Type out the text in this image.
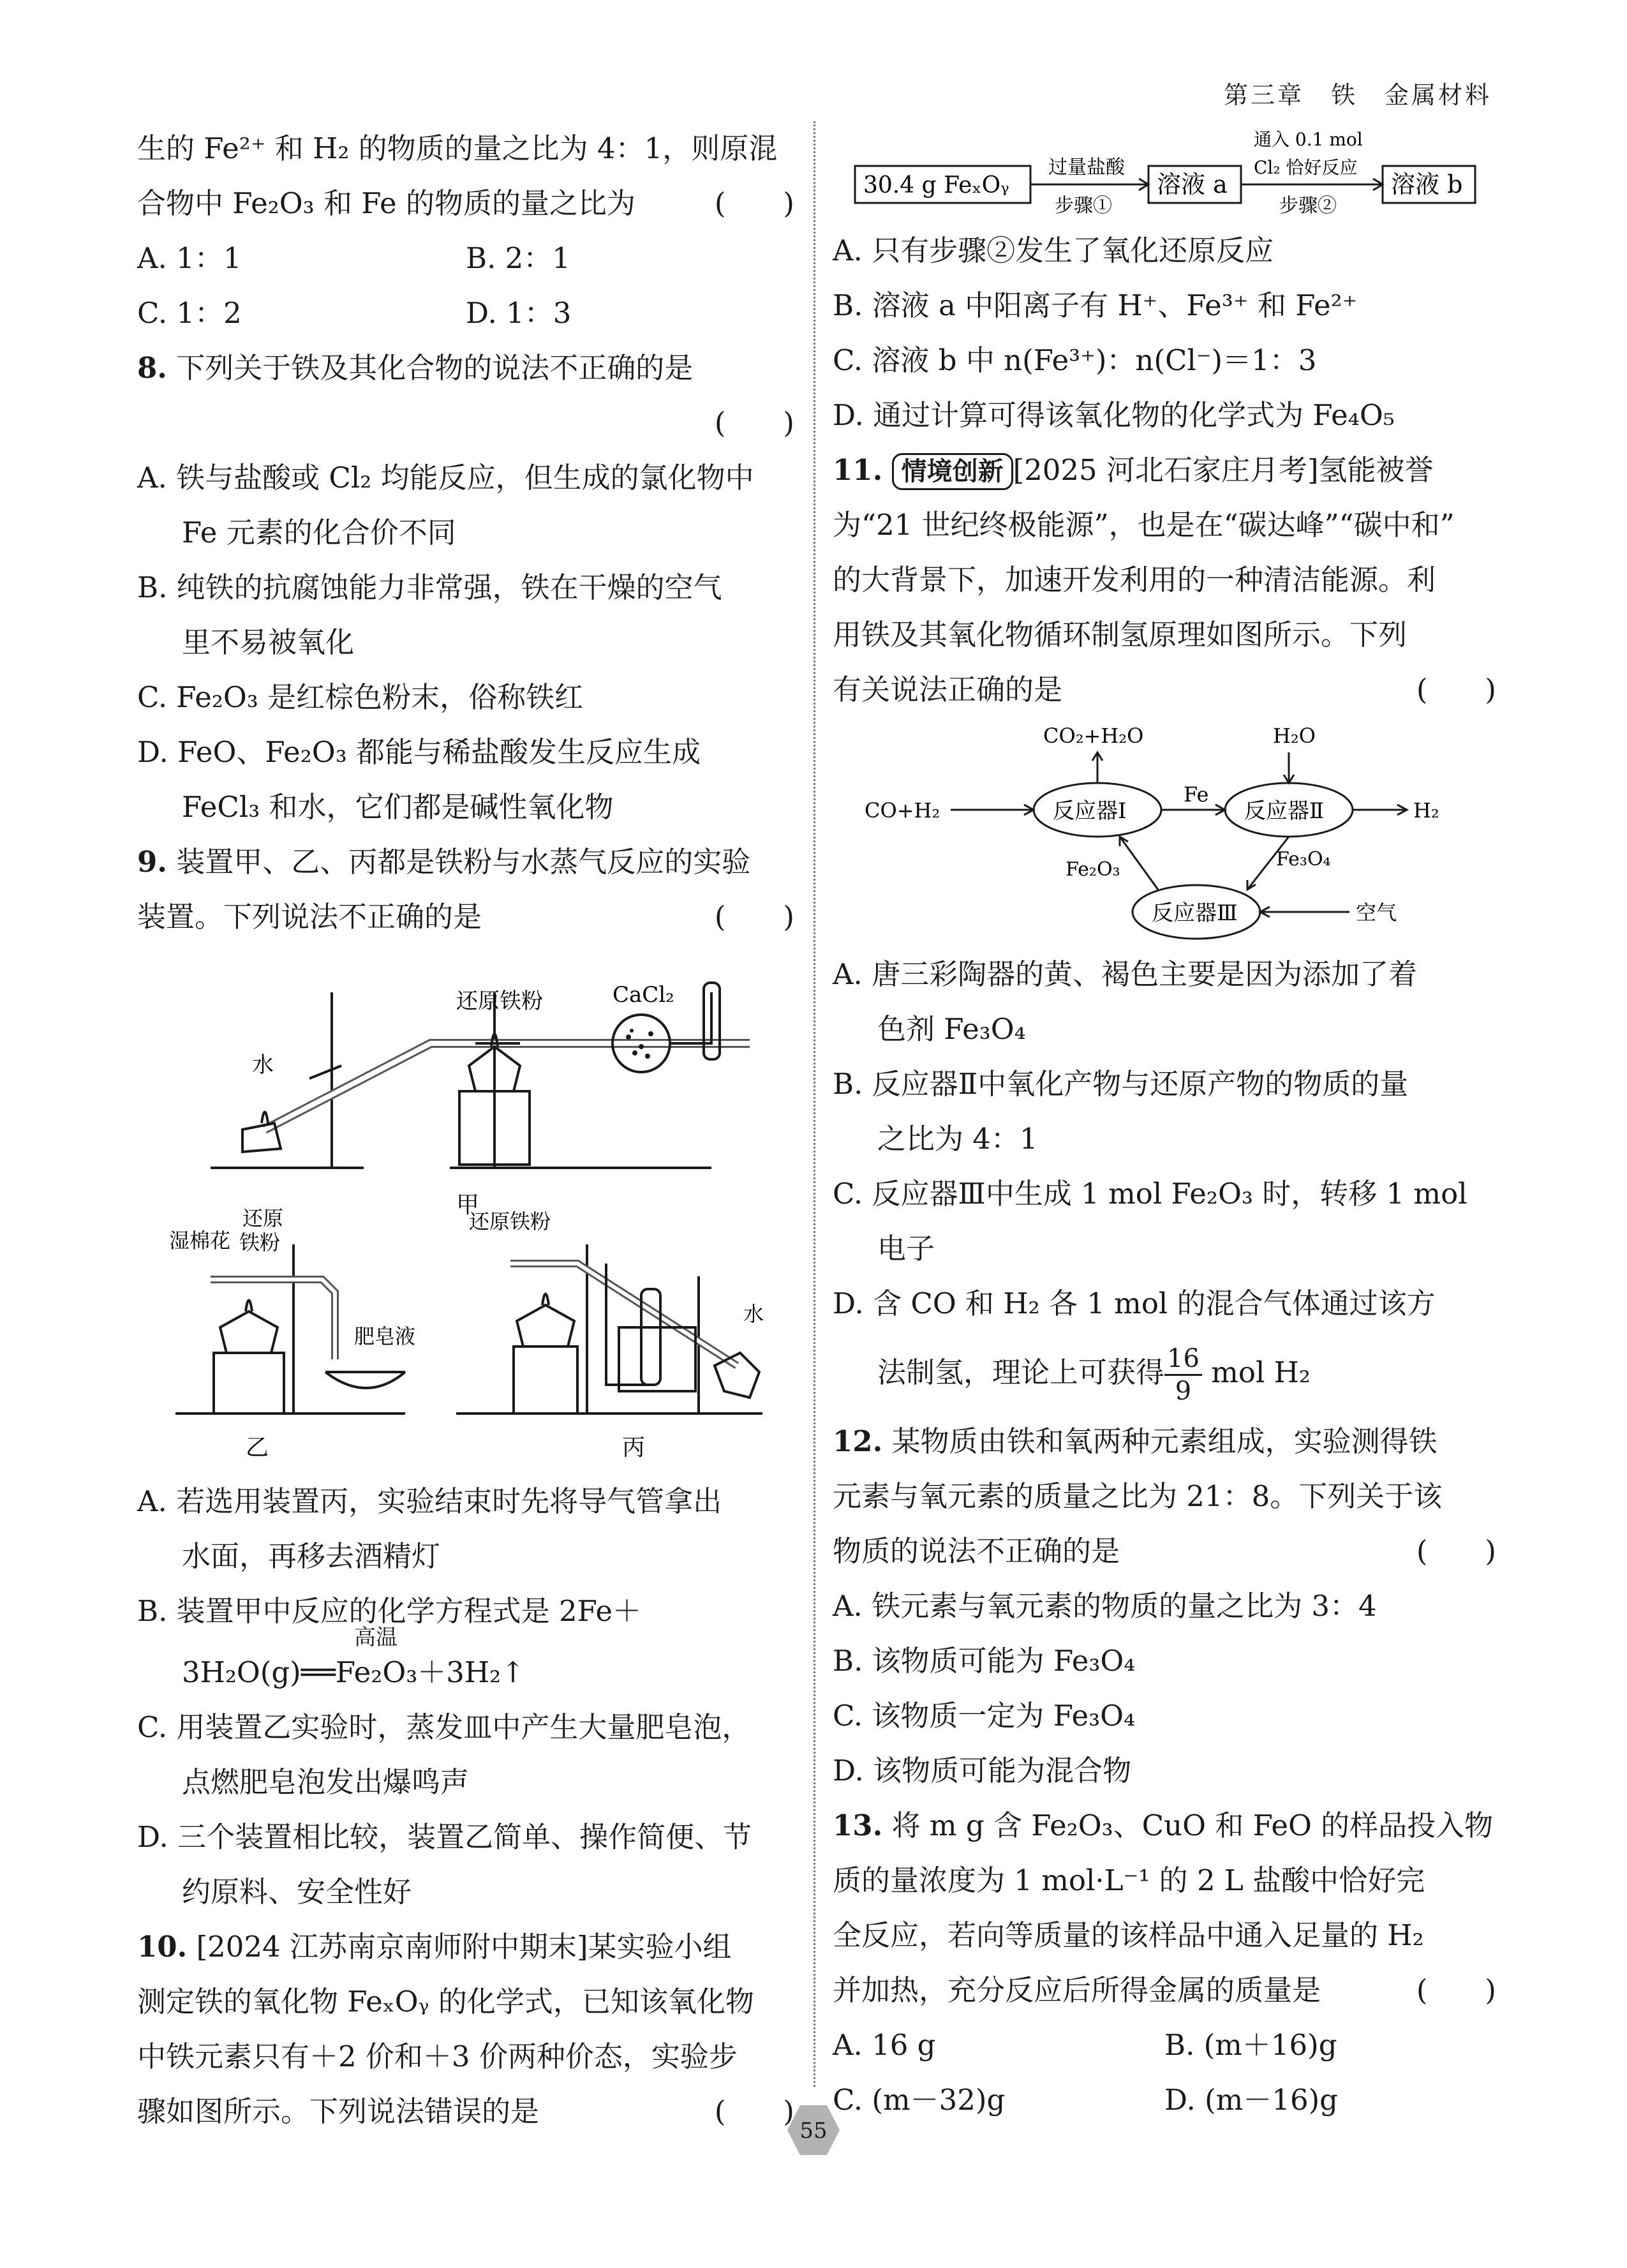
第三章　铁　金属材料
生的 Fe²⁺ 和 H₂ 的物质的量之比为 4：1，则原混
合物中 Fe₂O₃ 和 Fe 的物质的量之比为	(　　)
A. 1：1	B. 2：1
C. 1：2	D. 1：3
8. 下列关于铁及其化合物的说法不正确的是

(　　)
A. 铁与盐酸或 Cl₂ 均能反应，但生成的氯化物中
Fe 元素的化合价不同
B. 纯铁的抗腐蚀能力非常强，铁在干燥的空气
里不易被氧化
C. Fe₂O₃ 是红棕色粉末，俗称铁红
D. FeO、Fe₂O₃ 都能与稀盐酸发生反应生成
FeCl₃ 和水，它们都是碱性氧化物
9. 装置甲、乙、丙都是铁粉与水蒸气反应的实验
装置。下列说法不正确的是	(　　)
水
还原铁粉	CaCl₂
甲
湿棉花
还原
铁粉
肥皂液
乙
还原铁粉
水
丙
A. 若选用装置丙，实验结束时先将导气管拿出
水面，再移去酒精灯
B. 装置甲中反应的化学方程式是 2Fe＋
高温
3H₂O(g)══Fe₂O₃＋3H₂↑
C. 用装置乙实验时，蒸发皿中产生大量肥皂泡，
点燃肥皂泡发出爆鸣声
D. 三个装置相比较，装置乙简单、操作简便、节
约原料、安全性好
10. [2024 江苏南京南师附中期末]某实验小组
测定铁的氧化物 FeₓOᵧ 的化学式，已知该氧化物
中铁元素只有＋2 价和＋3 价两种价态，实验步
骤如图所示。下列说法错误的是	(　　)
30.4 g FeₓOᵧ
过量盐酸
步骤①
溶液 a
通入 0.1 mol
Cl₂ 恰好反应
步骤②
溶液 b
A. 只有步骤②发生了氧化还原反应
B. 溶液 a 中阳离子有 H⁺、Fe³⁺ 和 Fe²⁺
C. 溶液 b 中 n(Fe³⁺)：n(Cl⁻)＝1：3
D. 通过计算可得该氧化物的化学式为 Fe₄O₅
11. 情境创新 [2025 河北石家庄月考]氢能被誉
为“21 世纪终极能源”，也是在“碳达峰”“碳中和”
的大背景下，加速开发利用的一种清洁能源。利
用铁及其氧化物循环制氢原理如图所示。下列
有关说法正确的是	(　　)
CO₂+H₂O	H₂O
CO+H₂	反应器Ⅰ
Fe
反应器Ⅱ	H₂
Fe₂O₃	Fe₃O₄
反应器Ⅲ	空气
A. 唐三彩陶器的黄、褐色主要是因为添加了着
色剂 Fe₃O₄
B. 反应器Ⅱ中氧化产物与还原产物的物质的量
之比为 4：1
C. 反应器Ⅲ中生成 1 mol Fe₂O₃ 时，转移 1 mol
电子
D. 含 CO 和 H₂ 各 1 mol 的混合气体通过该方
法制氢，理论上可获得 $\frac{16}{9}$ mol H₂
12. 某物质由铁和氧两种元素组成，实验测得铁
元素与氧元素的质量之比为 21：8。下列关于该
物质的说法不正确的是	(　　)
A. 铁元素与氧元素的物质的量之比为 3：4
B. 该物质可能为 Fe₃O₄
C. 该物质一定为 Fe₃O₄
D. 该物质可能为混合物
13. 将 m g 含 Fe₂O₃、CuO 和 FeO 的样品投入物
质的量浓度为 1 mol·L⁻¹ 的 2 L 盐酸中恰好完
全反应，若向等质量的该样品中通入足量的 H₂
并加热，充分反应后所得金属的质量是	(　　)
A. 16 g	B. (m＋16)g
C. (m－32)g	D. (m－16)g
55
